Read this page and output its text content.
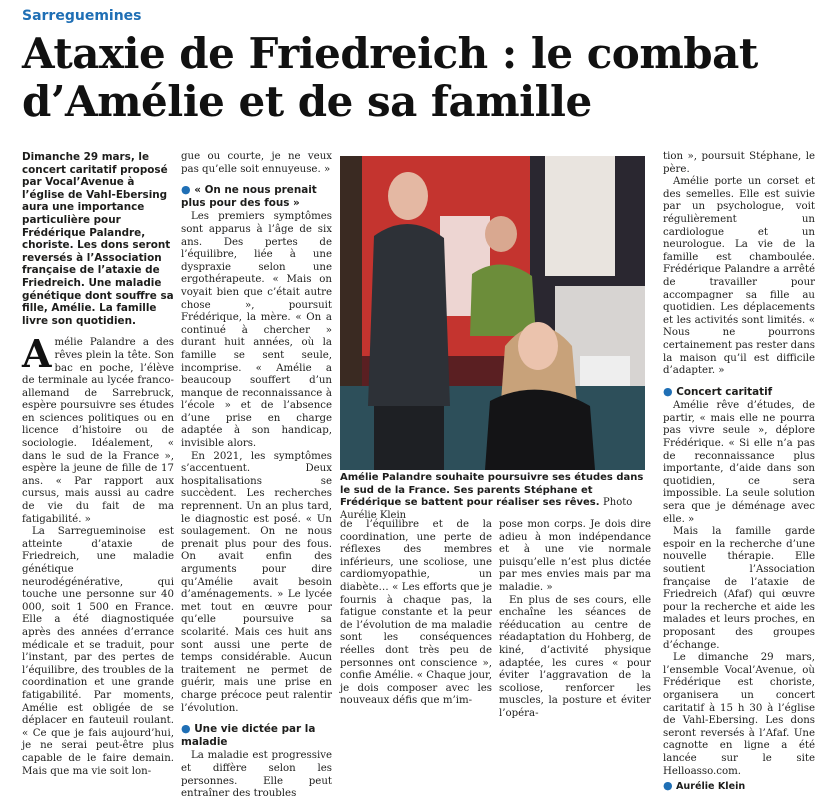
Sarreguemines
Ataxie de Friedreich : le combat d’Amélie et de sa famille

Dimanche 29 mars, le concert caritatif proposé par Vocal’Avenue à l’église de Vahl-Ebersing aura une importance particulière pour Frédérique Palandre, choriste. Les dons seront reversés à l’Association française de l’ataxie de Friedreich. Une maladie génétique dont souffre sa fille, Amélie. La famille livre son quotidien.

Amélie Palandre a des rêves plein la tête. Son bac en poche, l’élève de terminale au lycée franco-allemand de Sarrebruck, espère poursuivre ses études en sciences politiques ou en licence d’histoire ou de sociologie. Idéalement, « dans le sud de la France », espère la jeune de fille de 17 ans. « Par rapport aux cursus, mais aussi au cadre de vie du fait de ma fatigabilité. »

La Sarregueminoise est atteinte d’ataxie de Friedreich, une maladie génétique neurodégénérative, qui touche une personne sur 40 000, soit 1 500 en France. Elle a été diagnostiquée après des années d’errance médicale et se traduit, pour l’instant, par des pertes de l’équilibre, des troubles de la coordination et une grande fatigabilité. Par moments, Amélie est obligée de se déplacer en fauteuil roulant. « Ce que je fais aujourd’hui, je ne serai peut-être plus capable de le faire demain. Mais que ma vie soit lon-

gue ou courte, je ne veux pas qu’elle soit ennuyeuse. »

● « On ne nous prenait plus pour des fous »

Les premiers symptômes sont apparus à l’âge de six ans. Des pertes de l’équilibre, liée à une dyspraxie selon une ergothérapeute. « Mais on voyait bien que c’était autre chose », poursuit Frédérique, la mère. « On a continué à chercher » durant huit années, où la famille se sent seule, incomprise. « Amélie a beaucoup souffert d’un manque de reconnaissance à l’école » et de l’absence d’une prise en charge adaptée à son handicap, invisible alors.

En 2021, les symptômes s’accentuent. Deux hospitalisations se succèdent. Les recherches reprennent. Un an plus tard, le diagnostic est posé. « Un soulagement. On ne nous prenait plus pour des fous. On avait enfin des arguments pour dire qu’Amélie avait besoin d’aménagements. » Le lycée met tout en œuvre pour qu’elle poursuive sa scolarité. Mais ces huit ans sont aussi une perte de temps considérable. Aucun traitement ne permet de guérir, mais une prise en charge précoce peut ralentir l’évolution.

● Une vie dictée par la maladie

La maladie est progressive et diffère selon les personnes. Elle peut entraîner des troubles

Amélie Palandre souhaite poursuivre ses études dans le sud de la France. Ses parents Stéphane et Frédérique se battent pour réaliser ses rêves. Photo Aurélie Klein

de l’équilibre et de la coordination, une perte de réflexes des membres inférieurs, une scoliose, une cardiomyopathie, un diabète… « Les efforts que je fournis à chaque pas, la fatigue constante et la peur de l’évolution de ma maladie sont les conséquences réelles dont très peu de personnes ont conscience », confie Amélie. « Chaque jour, je dois composer avec les nouveaux défis que m’im-

pose mon corps. Je dois dire adieu à mon indépendance et à une vie normale puisqu’elle n’est plus dictée par mes envies mais par ma maladie. »

En plus de ses cours, elle enchaîne les séances de rééducation au centre de réadaptation du Hohberg, de kiné, d’activité physique adaptée, les cures « pour éviter l’aggravation de la scoliose, renforcer les muscles, la posture et éviter l’opéra-

tion », poursuit Stéphane, le père.

Amélie porte un corset et des semelles. Elle est suivie par un psychologue, voit régulièrement un cardiologue et un neurologue. La vie de la famille est chamboulée. Frédérique Palandre a arrêté de travailler pour accompagner sa fille au quotidien. Les déplacements et les activités sont limités. « Nous ne pourrons certainement pas rester dans la maison qu’il est difficile d’adapter. »

● Concert caritatif

Amélie rêve d’études, de partir, « mais elle ne pourra pas vivre seule », déplore Frédérique. « Si elle n’a pas de reconnaissance plus importante, d’aide dans son quotidien, ce sera impossible. La seule solution sera que je déménage avec elle. »

Mais la famille garde espoir en la recherche d’une nouvelle thérapie. Elle soutient l’Association française de l’ataxie de Friedreich (Afaf) qui œuvre pour la recherche et aide les malades et leurs proches, en proposant des groupes d’échange.

Le dimanche 29 mars, l’ensemble Vocal’Avenue, où Frédérique est choriste, organisera un concert caritatif à 15 h 30 à l’église de Vahl-Ebersing. Les dons seront reversés à l’Afaf. Une cagnotte en ligne a été lancée sur le site Helloasso.com.

● Aurélie Klein
